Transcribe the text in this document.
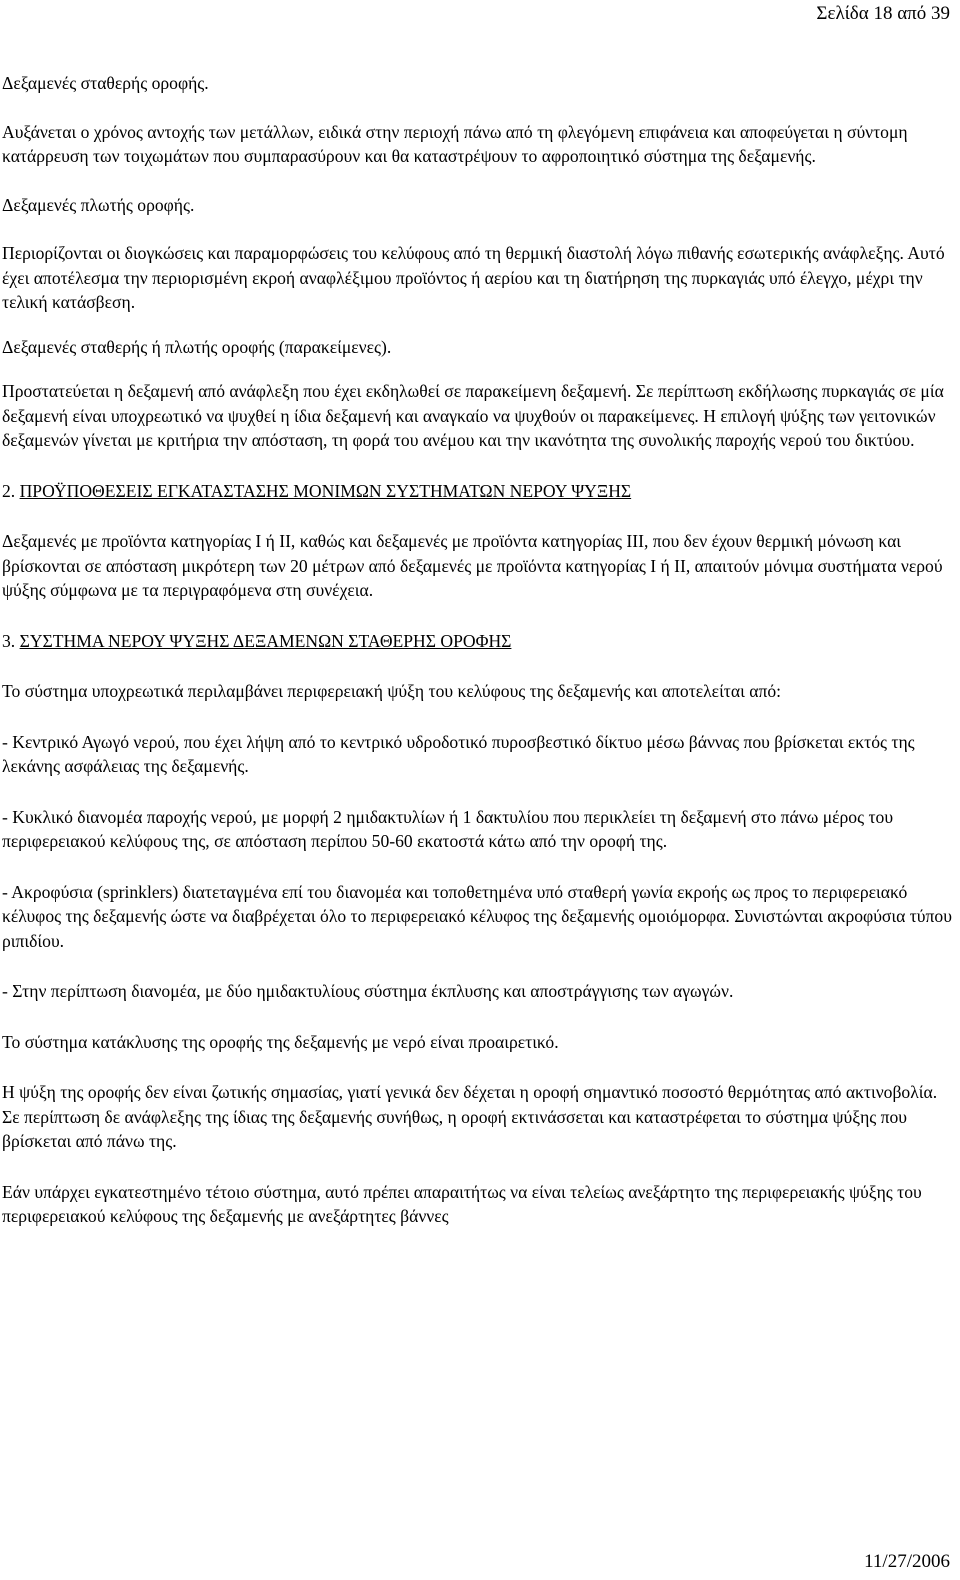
Σελίδα 18 από 39

Δεξαμενές σταθερής οροφής.

Αυξάνεται ο χρόνος αντοχής των μετάλλων, ειδικά στην περιοχή πάνω από τη φλεγόμενη επιφάνεια και αποφεύγεται η σύντομη κατάρρευση των τοιχωμάτων που συμπαρασύρουν και θα καταστρέψουν το αφροποιητικό σύστημα της δεξαμενής.

Δεξαμενές πλωτής οροφής.

Περιορίζονται οι διογκώσεις και παραμορφώσεις του κελύφους από τη θερμική διαστολή λόγω πιθανής εσωτερικής ανάφλεξης. Αυτό έχει αποτέλεσμα την περιορισμένη εκροή αναφλέξιμου προϊόντος ή αερίου και τη διατήρηση της πυρκαγιάς υπό έλεγχο, μέχρι την τελική κατάσβεση.

Δεξαμενές σταθερής ή πλωτής οροφής (παρακείμενες).

Προστατεύεται η δεξαμενή από ανάφλεξη που έχει εκδηλωθεί σε παρακείμενη δεξαμενή. Σε περίπτωση εκδήλωσης πυρκαγιάς σε μία δεξαμενή είναι υποχρεωτικό να ψυχθεί η ίδια δεξαμενή και αναγκαίο να ψυχθούν οι παρακείμενες. Η επιλογή ψύξης των γειτονικών δεξαμενών γίνεται με κριτήρια την απόσταση, τη φορά του ανέμου και την ικανότητα της συνολικής παροχής νερού του δικτύου.

2. ΠΡΟΫΠΟΘΕΣΕΙΣ ΕΓΚΑΤΑΣΤΑΣΗΣ ΜΟΝΙΜΩΝ ΣΥΣΤΗΜΑΤΩΝ ΝΕΡΟΥ ΨΥΞΗΣ

Δεξαμενές με προϊόντα κατηγορίας I ή II, καθώς και δεξαμενές με προϊόντα κατηγορίας III, που δεν έχουν θερμική μόνωση και βρίσκονται σε απόσταση μικρότερη των 20 μέτρων από δεξαμενές με προϊόντα κατηγορίας I ή II, απαιτούν μόνιμα συστήματα νερού ψύξης σύμφωνα με τα περιγραφόμενα στη συνέχεια.

3. ΣΥΣΤΗΜΑ ΝΕΡΟΥ ΨΥΞΗΣ ΔΕΞΑΜΕΝΩΝ ΣΤΑΘΕΡΗΣ ΟΡΟΦΗΣ

Το σύστημα υποχρεωτικά περιλαμβάνει περιφερειακή ψύξη του κελύφους της δεξαμενής και αποτελείται από:

- Κεντρικό Αγωγό νερού, που έχει λήψη από το κεντρικό υδροδοτικό πυροσβεστικό δίκτυο μέσω βάννας που βρίσκεται εκτός της λεκάνης ασφάλειας της δεξαμενής.

- Κυκλικό διανομέα παροχής νερού, με μορφή 2 ημιδακτυλίων ή 1 δακτυλίου που περικλείει τη δεξαμενή στο πάνω μέρος του περιφερειακού κελύφους της, σε απόσταση περίπου 50-60 εκατοστά κάτω από την οροφή της.

- Ακροφύσια (sprinklers) διατεταγμένα επί του διανομέα και τοποθετημένα υπό σταθερή γωνία εκροής ως προς το περιφερειακό κέλυφος της δεξαμενής ώστε να διαβρέχεται όλο το περιφερειακό κέλυφος της δεξαμενής ομοιόμορφα. Συνιστώνται ακροφύσια τύπου ριπιδίου.

- Στην περίπτωση διανομέα, με δύο ημιδακτυλίους σύστημα έκπλυσης και αποστράγγισης των αγωγών.

Το σύστημα κατάκλυσης της οροφής της δεξαμενής με νερό είναι προαιρετικό.

Η ψύξη της οροφής δεν είναι ζωτικής σημασίας, γιατί γενικά δεν δέχεται η οροφή σημαντικό ποσοστό θερμότητας από ακτινοβολία. Σε περίπτωση δε ανάφλεξης της ίδιας της δεξαμενής συνήθως, η οροφή εκτινάσσεται και καταστρέφεται το σύστημα ψύξης που βρίσκεται από πάνω της.

Εάν υπάρχει εγκατεστημένο τέτοιο σύστημα, αυτό πρέπει απαραιτήτως να είναι τελείως ανεξάρτητο της περιφερειακής ψύξης του περιφερειακού κελύφους της δεξαμενής με ανεξάρτητες βάννες

11/27/2006
